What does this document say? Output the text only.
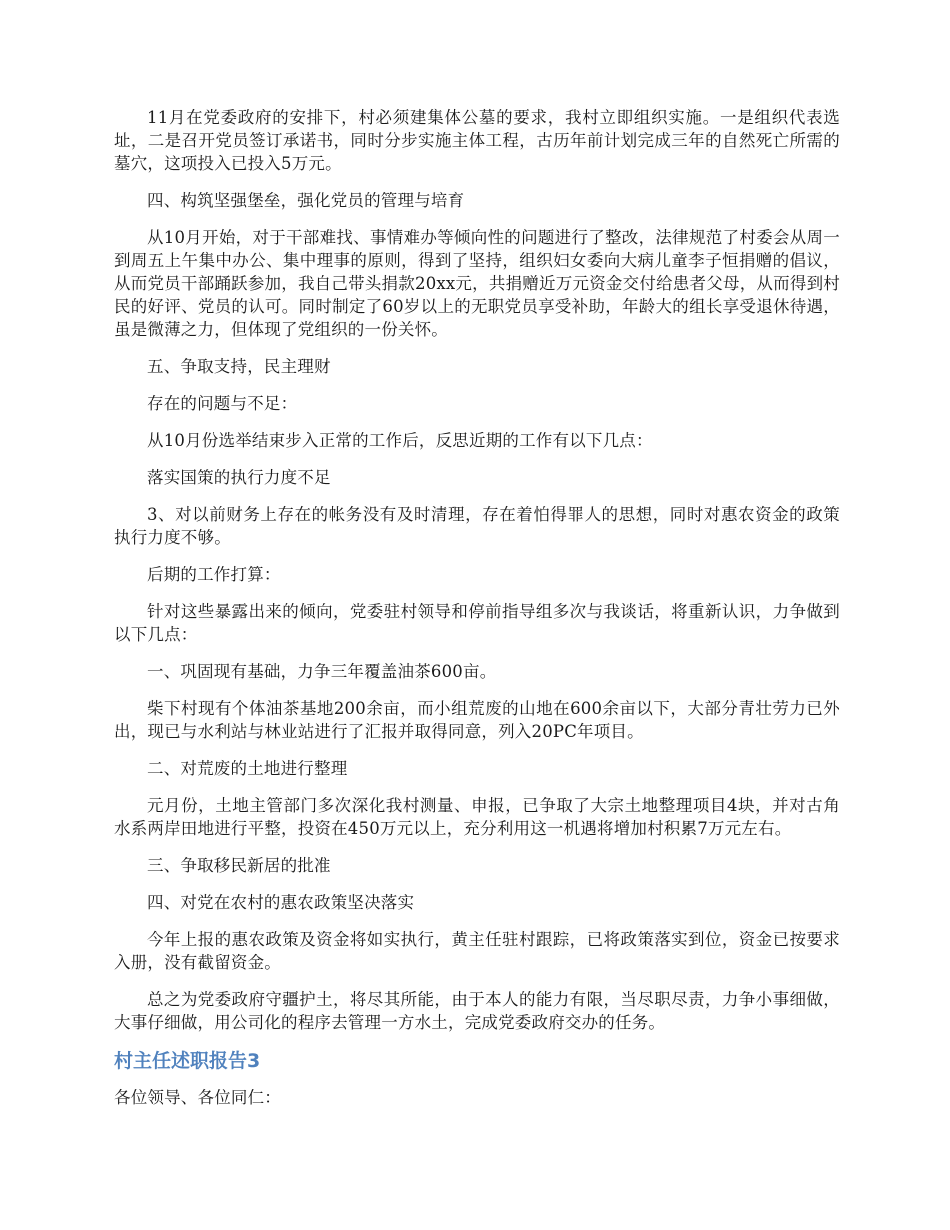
11月在党委政府的安排下，村必须建集体公墓的要求，我村立即组织实施。一是组织代表选址，二是召开党员签订承诺书，同时分步实施主体工程，古历年前计划完成三年的自然死亡所需的墓穴，这项投入已投入5万元。

四、构筑坚强堡垒，强化党员的管理与培育

从10月开始，对于干部难找、事情难办等倾向性的问题进行了整改，法律规范了村委会从周一到周五上午集中办公、集中理事的原则，得到了坚持，组织妇女委向大病儿童李子恒捐赠的倡议，从而党员干部踊跃参加，我自己带头捐款20xx元，共捐赠近万元资金交付给患者父母，从而得到村民的好评、党员的认可。同时制定了60岁以上的无职党员享受补助，年龄大的组长享受退休待遇，虽是微薄之力，但体现了党组织的一份关怀。

五、争取支持，民主理财

存在的问题与不足：

从10月份选举结束步入正常的工作后，反思近期的工作有以下几点：

落实国策的执行力度不足

3、对以前财务上存在的帐务没有及时清理，存在着怕得罪人的思想，同时对惠农资金的政策执行力度不够。

后期的工作打算：

针对这些暴露出来的倾向，党委驻村领导和停前指导组多次与我谈话，将重新认识，力争做到以下几点：

一、巩固现有基础，力争三年覆盖油茶600亩。

柴下村现有个体油茶基地200余亩，而小组荒废的山地在600余亩以下，大部分青壮劳力已外出，现已与水利站与林业站进行了汇报并取得同意，列入20PC年项目。

二、对荒废的土地进行整理

元月份，土地主管部门多次深化我村测量、申报，已争取了大宗土地整理项目4块，并对古角水系两岸田地进行平整，投资在450万元以上，充分利用这一机遇将增加村积累7万元左右。

三、争取移民新居的批准

四、对党在农村的惠农政策坚决落实

今年上报的惠农政策及资金将如实执行，黄主任驻村跟踪，已将政策落实到位，资金已按要求入册，没有截留资金。

总之为党委政府守疆护土，将尽其所能，由于本人的能力有限，当尽职尽责，力争小事细做，大事仔细做，用公司化的程序去管理一方水土，完成党委政府交办的任务。

村主任述职报告3

各位领导、各位同仁：
